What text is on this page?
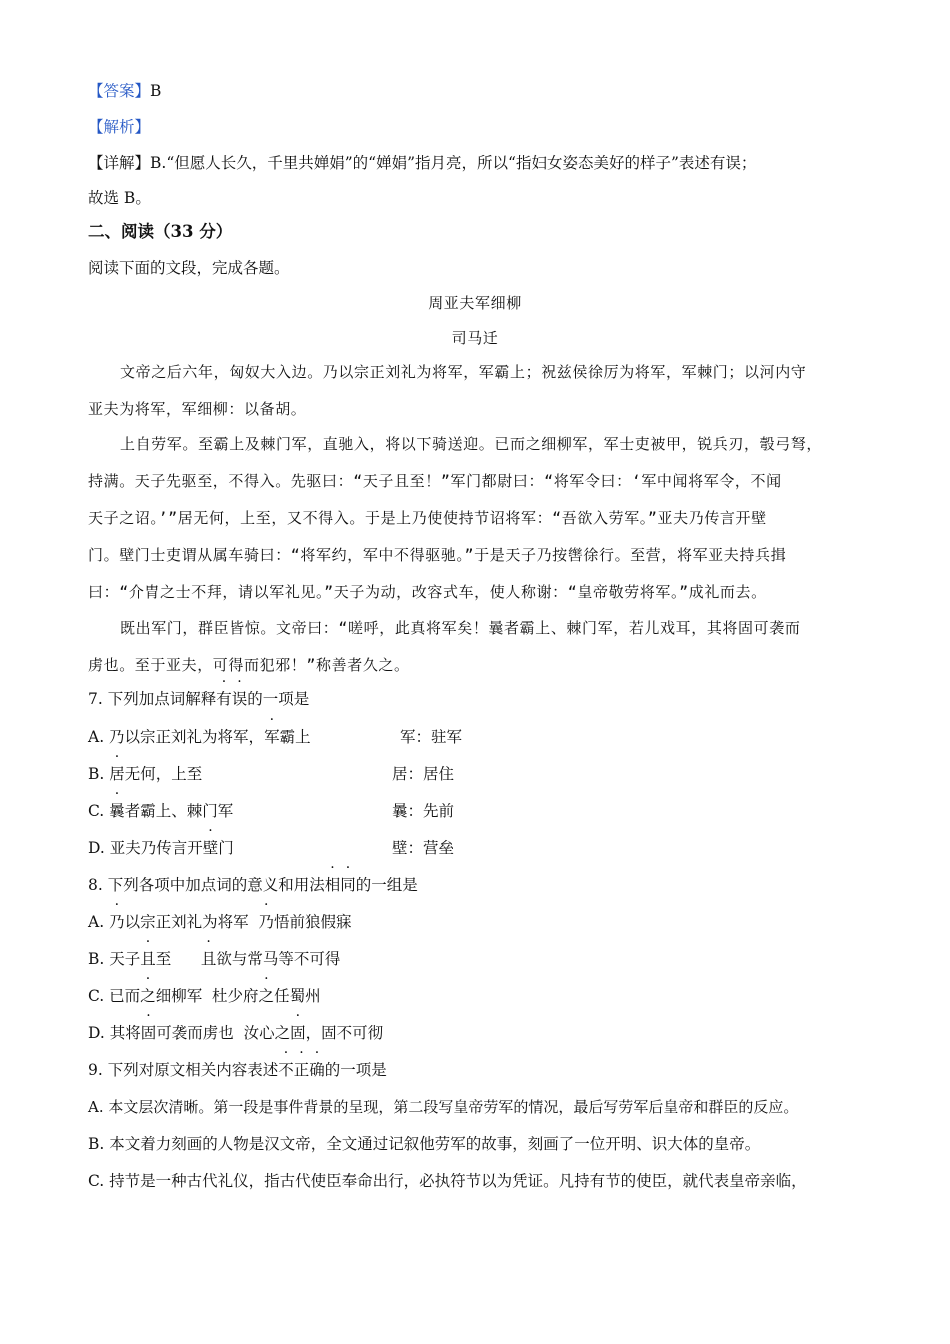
【答案】B
【解析】
【详解】B.“但愿人长久，千里共婵娟”的“婵娟”指月亮，所以“指妇女姿态美好的样子”表述有误；
故选 B。
二、阅读（33 分）
阅读下面的文段，完成各题。
周亚夫军细柳
司马迁
文帝之后六年，匈奴大入边。乃以宗正刘礼为将军，军霸上；祝兹侯徐厉为将军，军棘门；以河内守
亚夫为将军，军细柳：以备胡。
上自劳军。至霸上及棘门军，直驰入，将以下骑送迎。已而之细柳军，军士吏被甲，锐兵刃，彀弓弩，
持满。天子先驱至，不得入。先驱曰：“天子且至！”军门都尉曰：“将军令曰：‘军中闻将军令，不闻
天子之诏。’”居无何，上至，又不得入。于是上乃使使持节诏将军：“吾欲入劳军。”亚夫乃传言开壁
门。壁门士吏谓从属车骑曰：“将军约，军中不得驱驰。”于是天子乃按辔徐行。至营，将军亚夫持兵揖
曰：“介胄之士不拜，请以军礼见。”天子为动，改容式车，使人称谢：“皇帝敬劳将军。”成礼而去。
既出军门，群臣皆惊。文帝曰：“嗟呼，此真将军矣！曩者霸上、棘门军，若儿戏耳，其将固可袭而
虏也。至于亚夫，可得而犯邪！”称善者久之。
7. 下列加点词解释有误的一项是
A. 乃以宗正刘礼为将军，军霸上	军：驻军
B. 居无何，上至	居：居住
C. 曩者霸上、棘门军	曩：先前
D. 亚夫乃传言开壁门	壁：营垒
8. 下列各项中加点词的意义和用法相同的一组是
A. 乃以宗正刘礼为将军  乃悟前狼假寐
B. 天子且至      且欲与常马等不可得
C. 已而之细柳军  杜少府之任蜀州
D. 其将固可袭而虏也  汝心之固，固不可彻
9. 下列对原文相关内容表述不正确的一项是
A. 本文层次清晰。第一段是事件背景的呈现，第二段写皇帝劳军的情况，最后写劳军后皇帝和群臣的反应。
B. 本文着力刻画的人物是汉文帝，全文通过记叙他劳军的故事，刻画了一位开明、识大体的皇帝。
C. 持节是一种古代礼仪，指古代使臣奉命出行，必执符节以为凭证。凡持有节的使臣，就代表皇帝亲临，
